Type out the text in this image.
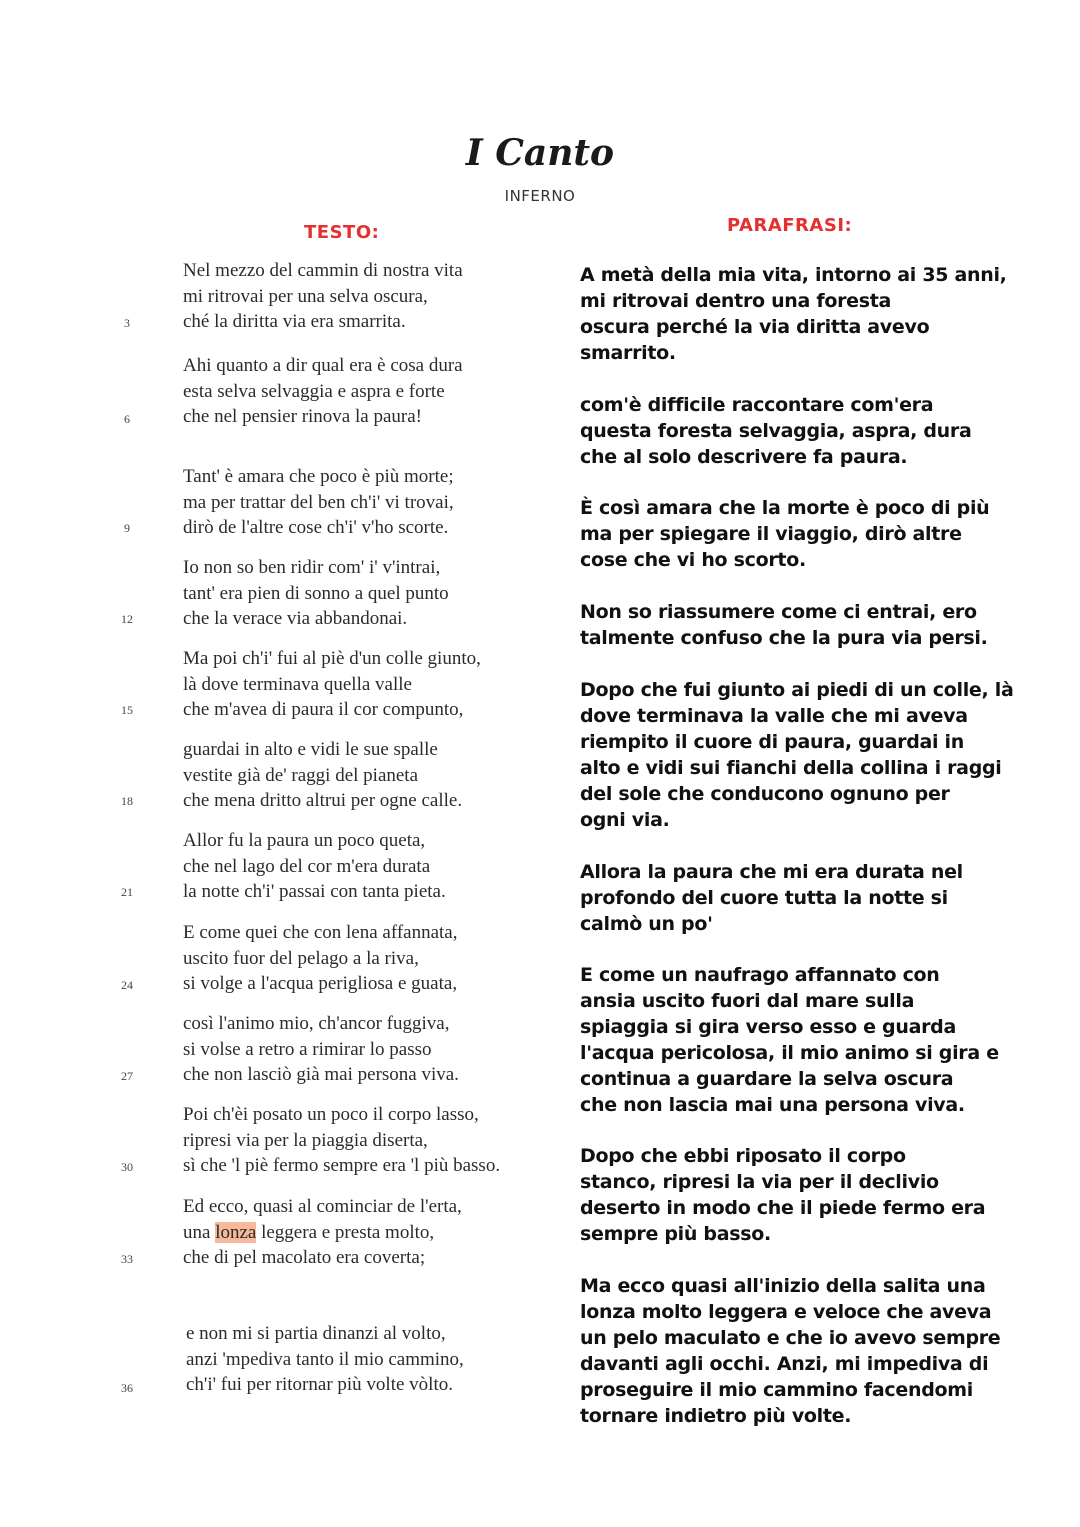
I Canto
INFERNO
TESTO:	PARAFRASI:
Nel mezzo del cammin di nostra vita
mi ritrovai per una selva oscura,
ché la diritta via era smarrita.
3
Ahi quanto a dir qual era è cosa dura
esta selva selvaggia e aspra e forte
che nel pensier rinova la paura!
6
Tant' è amara che poco è più morte;
ma per trattar del ben ch'i' vi trovai,
dirò de l'altre cose ch'i' v'ho scorte.
9
Io non so ben ridir com' i' v'intrai,
tant' era pien di sonno a quel punto
che la verace via abbandonai.
12
Ma poi ch'i' fui al piè d'un colle giunto,
là dove terminava quella valle
che m'avea di paura il cor compunto,
15
guardai in alto e vidi le sue spalle
vestite già de' raggi del pianeta
che mena dritto altrui per ogne calle.
18
Allor fu la paura un poco queta,
che nel lago del cor m'era durata
la notte ch'i' passai con tanta pieta.
21
E come quei che con lena affannata,
uscito fuor del pelago a la riva,
si volge a l'acqua perigliosa e guata,
24
così l'animo mio, ch'ancor fuggiva,
si volse a retro a rimirar lo passo
che non lasciò già mai persona viva.
27
Poi ch'èi posato un poco il corpo lasso,
ripresi via per la piaggia diserta,
sì che 'l piè fermo sempre era 'l più basso.
30
Ed ecco, quasi al cominciar de l'erta,
una lonza leggera e presta molto,
che di pel macolato era coverta;
33
e non mi si partia dinanzi al volto,
anzi 'mpediva tanto il mio cammino,
ch'i' fui per ritornar più volte vòlto.
36
A metà della mia vita, intorno ai 35 anni,
mi ritrovai dentro una foresta
oscura perché la via diritta avevo
smarrito.
com'è difficile raccontare com'era
questa foresta selvaggia, aspra, dura
che al solo descrivere fa paura.
È così amara che la morte è poco di più
ma per spiegare il viaggio, dirò altre
cose che vi ho scorto.
Non so riassumere come ci entrai, ero
talmente confuso che la pura via persi.
Dopo che fui giunto ai piedi di un colle, là
dove terminava la valle che mi aveva
riempito il cuore di paura, guardai in
alto e vidi sui fianchi della collina i raggi
del sole che conducono ognuno per
ogni via.
Allora la paura che mi era durata nel
profondo del cuore tutta la notte si
calmò un po'
E come un naufrago affannato con
ansia uscito fuori dal mare sulla
spiaggia si gira verso esso e guarda
l'acqua pericolosa, il mio animo si gira e
continua a guardare la selva oscura
che non lascia mai una persona viva.
Dopo che ebbi riposato il corpo
stanco, ripresi la via per il declivio
deserto in modo che il piede fermo era
sempre più basso.
Ma ecco quasi all'inizio della salita una
lonza molto leggera e veloce che aveva
un pelo maculato e che io avevo sempre
davanti agli occhi. Anzi, mi impediva di
proseguire il mio cammino facendomi
tornare indietro più volte.
